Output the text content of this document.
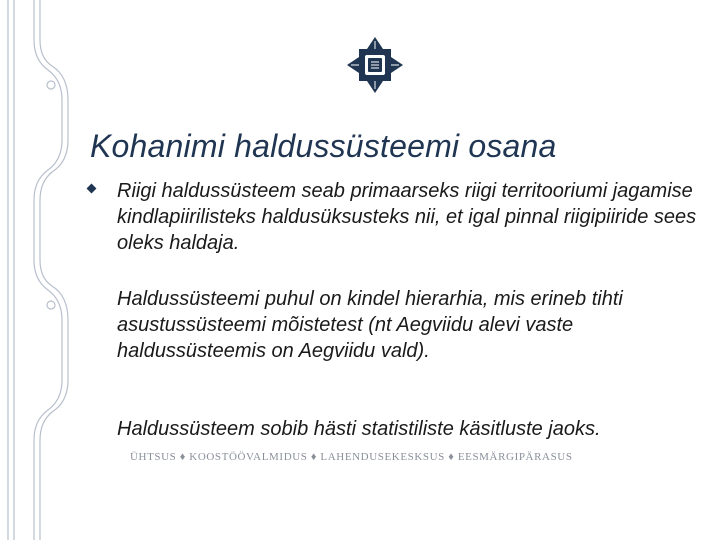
Kohanimi haldussüsteemi osana

Riigi haldussüsteem seab primaarseks riigi territooriumi jagamise kindlapiirilisteks haldusüksusteks nii, et igal pinnal riigipiiride sees oleks haldaja.

Haldussüsteemi puhul on kindel hierarhia, mis erineb tihti asustussüsteemi mõistetest (nt Aegviidu alevi vaste haldussüsteemis on Aegviidu vald).

Haldussüsteem sobib hästi statistiliste käsitluste jaoks.

ÜHTSUS ♦ KOOSTÖÖVALMIDUS ♦ LAHENDUSEKESKSUS ♦ EESMÄRGIPÄRASUS
